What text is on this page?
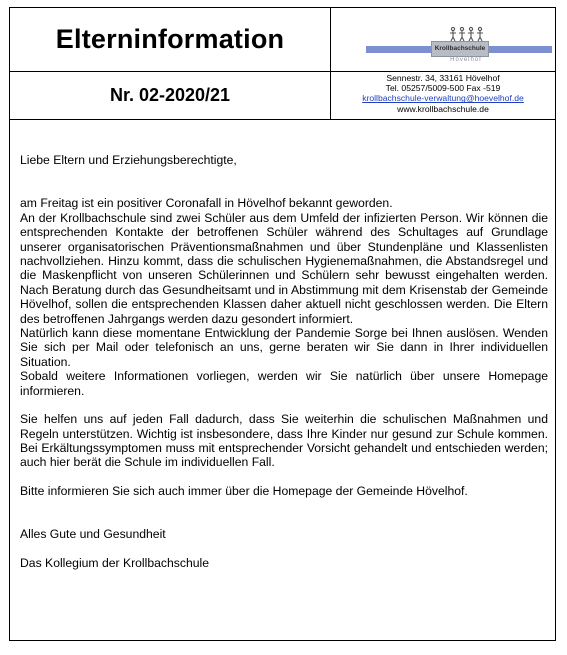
Elterninformation	Krollbachschule
Hövelhof
Nr. 02-2020/21
Sennestr. 34, 33161 Hövelhof
Tel. 05257/5009-500 Fax -519
krollbachschule-verwaltung@hoevelhof.de
www.krollbachschule.de

Liebe Eltern und Erziehungsberechtigte,

am Freitag ist ein positiver Coronafall in Hövelhof bekannt geworden.

An der Krollbachschule sind zwei Schüler aus dem Umfeld der infizierten Person. Wir können die entsprechenden Kontakte der betroffenen Schüler während des Schultages auf Grundlage unserer organisatorischen Präventionsmaßnahmen und über Stundenpläne und Klassenlisten nachvollziehen. Hinzu kommt, dass die schulischen Hygienemaßnahmen, die Abstandsregel und die Maskenpflicht von unseren Schülerinnen und Schülern sehr bewusst eingehalten werden. Nach Beratung durch das Gesundheitsamt und in Abstimmung mit dem Krisenstab der Gemeinde Hövelhof, sollen die entsprechenden Klassen daher aktuell nicht geschlossen werden. Die Eltern des betroffenen Jahrgangs werden dazu gesondert informiert.

Natürlich kann diese momentane Entwicklung der Pandemie Sorge bei Ihnen auslösen. Wenden Sie sich per Mail oder telefonisch an uns, gerne beraten wir Sie dann in Ihrer individuellen Situation.

Sobald weitere Informationen vorliegen, werden wir Sie natürlich über unsere Homepage informieren.

Sie helfen uns auf jeden Fall dadurch, dass Sie weiterhin die schulischen Maßnahmen und Regeln unterstützen. Wichtig ist insbesondere, dass Ihre Kinder nur gesund zur Schule kommen. Bei Erkältungssymptomen muss mit entsprechender Vorsicht gehandelt und entschieden werden; auch hier berät die Schule im individuellen Fall.

Bitte informieren Sie sich auch immer über die Homepage der Gemeinde Hövelhof.

Alles Gute und Gesundheit

Das Kollegium der Krollbachschule
